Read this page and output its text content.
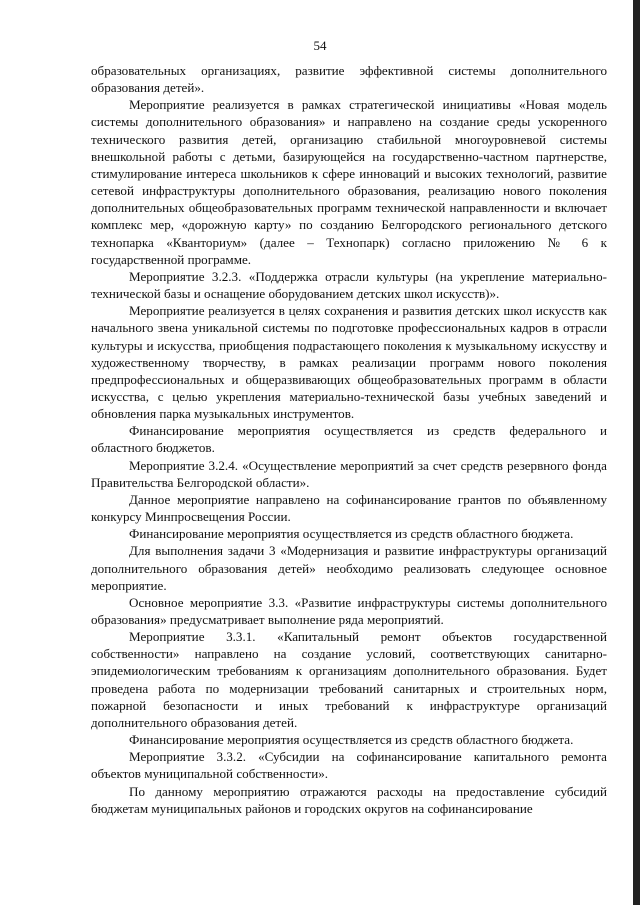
54

образовательных организациях, развитие эффективной системы дополнительного образования детей».

Мероприятие реализуется в рамках стратегической инициативы «Новая модель системы дополнительного образования» и направлено на создание среды ускоренного технического развития детей, организацию стабильной многоуровневой системы внешкольной работы с детьми, базирующейся на государственно-частном партнерстве, стимулирование интереса школьников к сфере инноваций и высоких технологий, развитие сетевой инфраструктуры дополнительного образования, реализацию нового поколения дополнительных общеобразовательных программ технической направленности и включает комплекс мер, «дорожную карту» по созданию Белгородского регионального детского технопарка «Кванториум» (далее – Технопарк) согласно приложению № 6 к государственной программе.

Мероприятие 3.2.3. «Поддержка отрасли культуры (на укрепление материально-технической базы и оснащение оборудованием детских школ искусств)».

Мероприятие реализуется в целях сохранения и развития детских школ искусств как начального звена уникальной системы по подготовке профессиональных кадров в отрасли культуры и искусства, приобщения подрастающего поколения к музыкальному искусству и художественному творчеству, в рамках реализации программ нового поколения предпрофессиональных и общеразвивающих общеобразовательных программ в области искусства, с целью укрепления материально-технической базы учебных заведений и обновления парка музыкальных инструментов.

Финансирование мероприятия осуществляется из средств федерального и областного бюджетов.

Мероприятие 3.2.4. «Осуществление мероприятий за счет средств резервного фонда Правительства Белгородской области».

Данное мероприятие направлено на софинансирование грантов по объявленному конкурсу Минпросвещения России.

Финансирование мероприятия осуществляется из средств областного бюджета.

Для выполнения задачи 3 «Модернизация и развитие инфраструктуры организаций дополнительного образования детей» необходимо реализовать следующее основное мероприятие.

Основное мероприятие 3.3. «Развитие инфраструктуры системы дополнительного образования» предусматривает выполнение ряда мероприятий.

Мероприятие 3.3.1. «Капитальный ремонт объектов государственной собственности» направлено на создание условий, соответствующих санитарно-эпидемиологическим требованиям к организациям дополнительного образования. Будет проведена работа по модернизации требований санитарных и строительных норм, пожарной безопасности и иных требований к инфраструктуре организаций дополнительного образования детей.

Финансирование мероприятия осуществляется из средств областного бюджета.

Мероприятие 3.3.2. «Субсидии на софинансирование капитального ремонта объектов муниципальной собственности».

По данному мероприятию отражаются расходы на предоставление субсидий бюджетам муниципальных районов и городских округов на софинансирование
